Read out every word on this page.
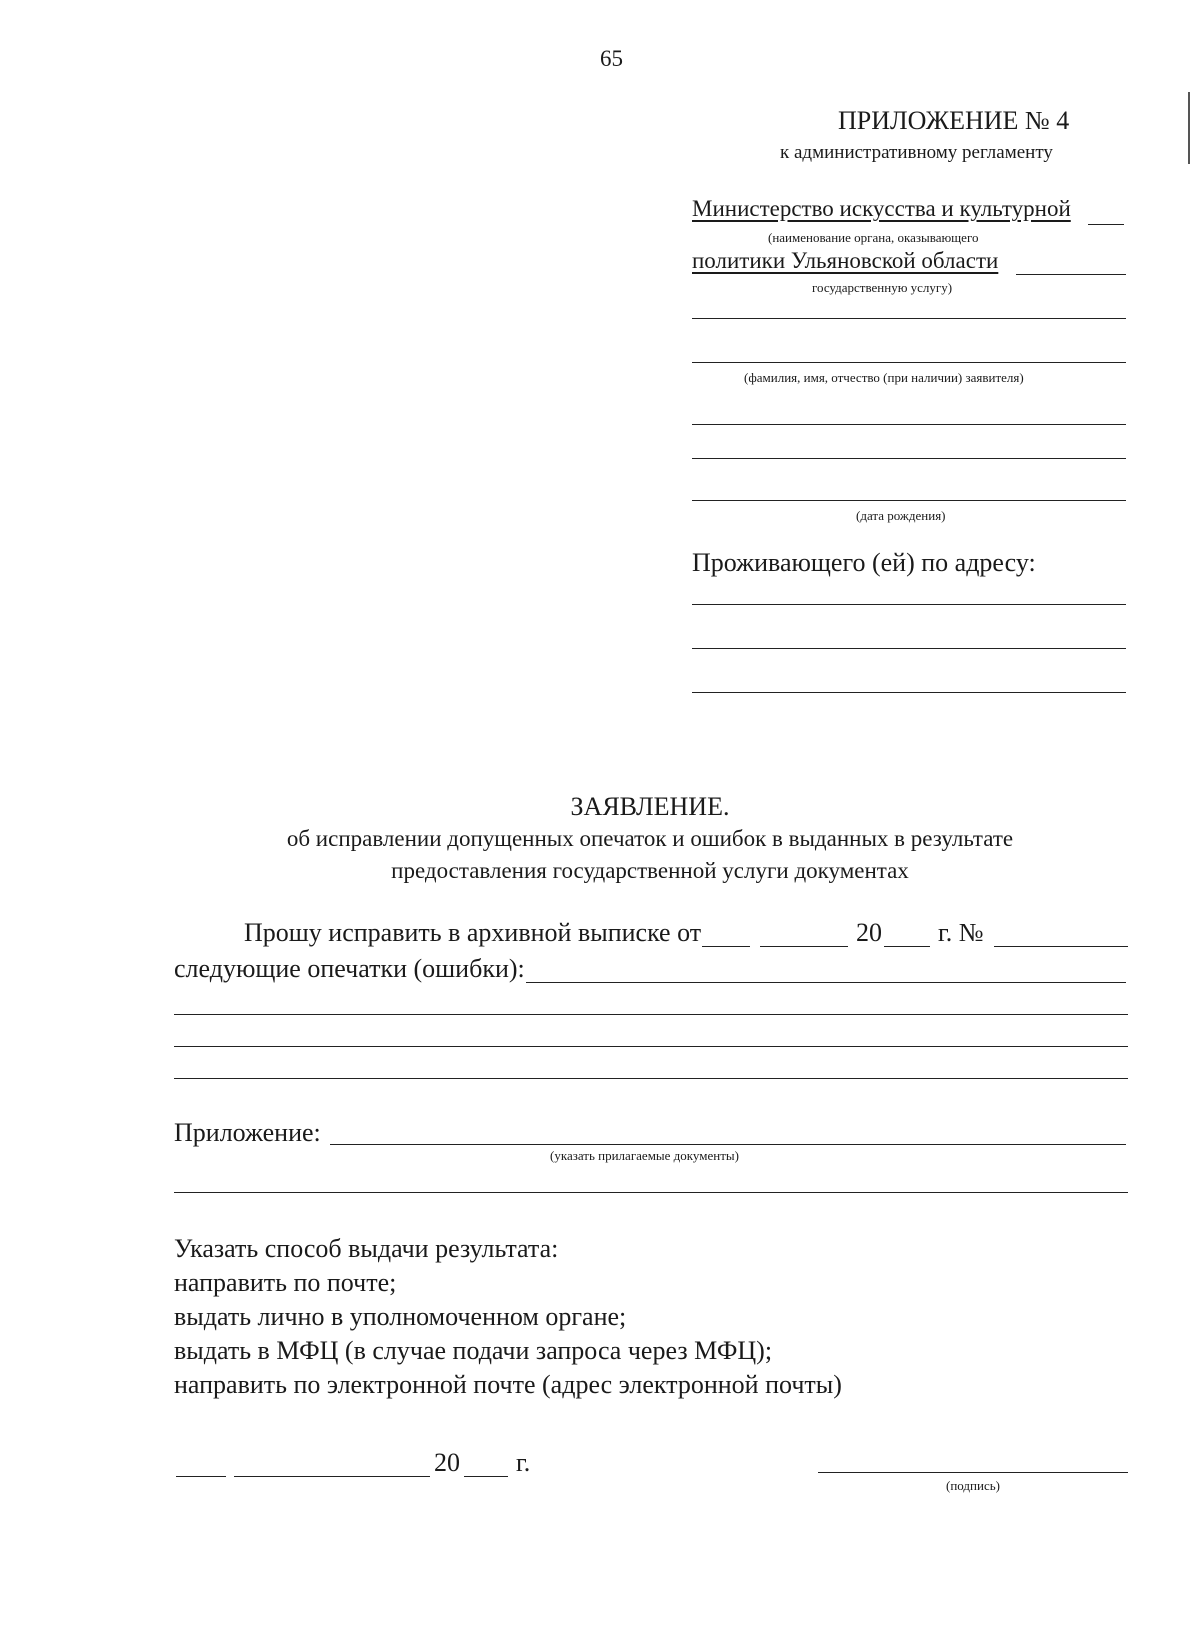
65
ПРИЛОЖЕНИЕ № 4
к административному регламенту
Министерство искусства и культурной
(наименование органа, оказывающего
политики Ульяновской области
государственную услугу)
(фамилия, имя, отчество (при наличии) заявителя)
(дата рождения)
Проживающего (ей) по адресу:
ЗАЯВЛЕНИЕ.
об исправлении допущенных опечаток и ошибок в выданных в результате
предоставления государственной услуги документах
Прошу исправить в архивной выписке от	20 г. №
следующие опечатки (ошибки):
Приложение:
(указать прилагаемые документы)
Указать способ выдачи результата:
направить по почте;
выдать лично в уполномоченном органе;
выдать в МФЦ (в случае подачи запроса через МФЦ);
направить по электронной почте (адрес электронной почты)
20 г.
(подпись)
